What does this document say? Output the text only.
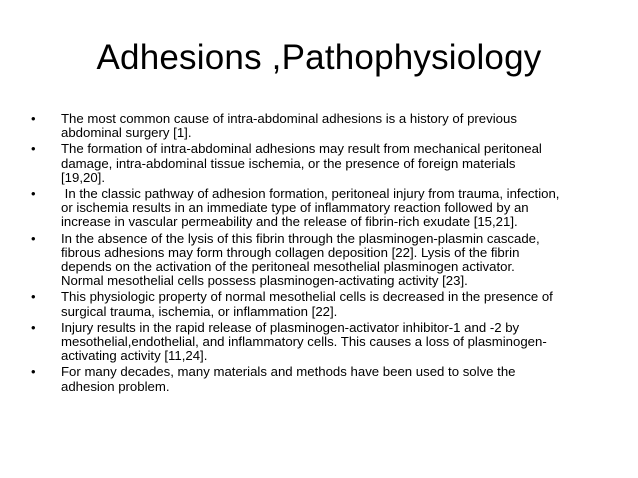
Adhesions ,Pathophysiology
•	The most common cause of intra-abdominal adhesions is a history of previous
abdominal surgery [1].
•	The formation of intra-abdominal adhesions may result from mechanical peritoneal
damage, intra-abdominal tissue ischemia, or the presence of foreign materials
[19,20].
•	In the classic pathway of adhesion formation, peritoneal injury from trauma, infection,
or ischemia results in an immediate type of inflammatory reaction followed by an
increase in vascular permeability and the release of fibrin-rich exudate [15,21].
•	In the absence of the lysis of this fibrin through the plasminogen-plasmin cascade,
fibrous adhesions may form through collagen deposition [22]. Lysis of the fibrin
depends on the activation of the peritoneal mesothelial plasminogen activator.
Normal mesothelial cells possess plasminogen-activating activity [23].
•	This physiologic property of normal mesothelial cells is decreased in the presence of
surgical trauma, ischemia, or inflammation [22].
•	Injury results in the rapid release of plasminogen-activator inhibitor-1 and -2 by
mesothelial,endothelial, and inflammatory cells. This causes a loss of plasminogen-
activating activity [11,24].
•	For many decades, many materials and methods have been used to solve the
adhesion problem.
